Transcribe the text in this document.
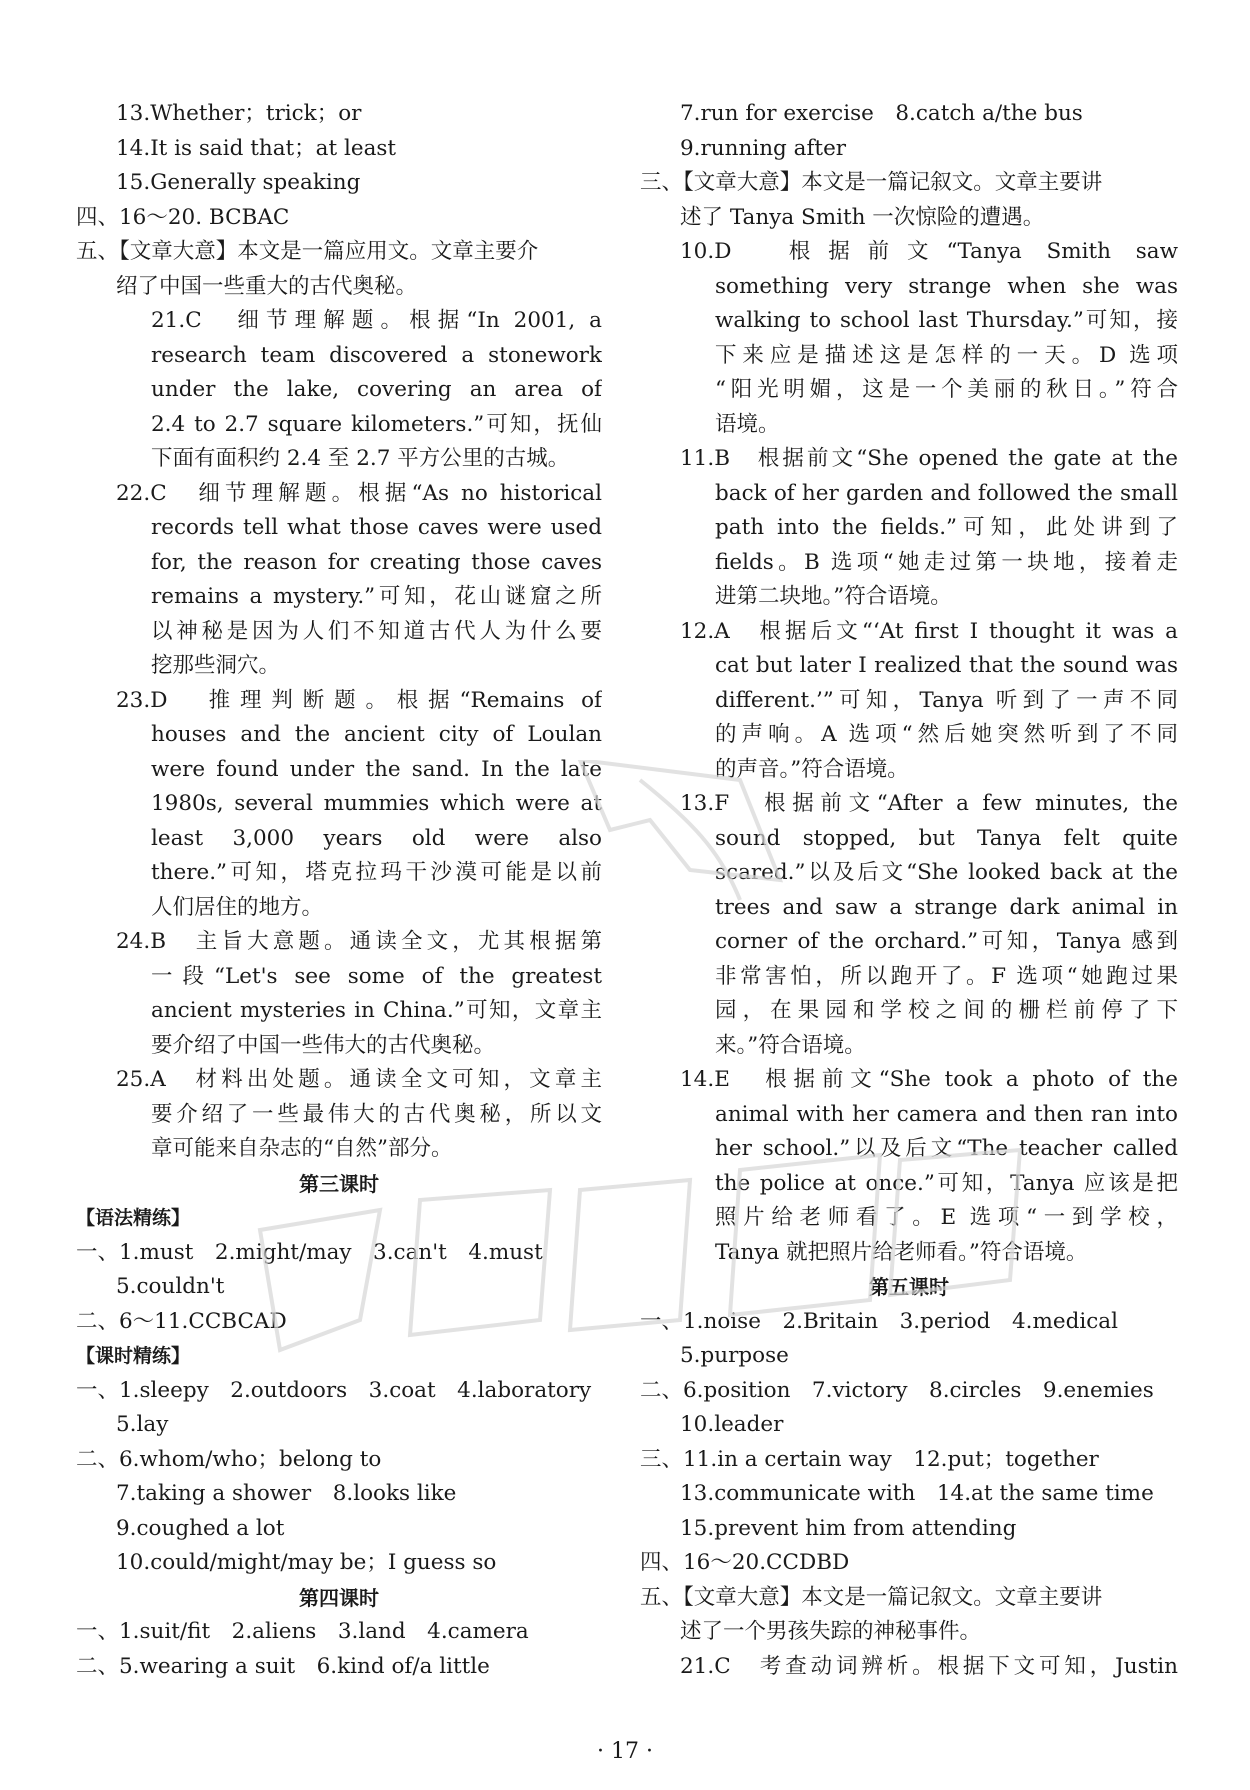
13.Whether；trick；or
14.It is said that；at least
15.Generally speaking
四、16～20. BCBAC
五、【文章大意】本文是一篇应用文。文章主要介
绍了中国一些重大的古代奥秘。
21.C　细节理解题。根据“In 2001, a
research team discovered a stonework
under the lake, covering an area of
2.4 to 2.7 square kilometers.”可知，抚仙
下面有面积约 2.4 至 2.7 平方公里的古城。
22.C　细节理解题。根据“As no historical
records tell what those caves were used
for, the reason for creating those caves
remains a mystery.”可知，花山谜窟之所
以神秘是因为人们不知道古代人为什么要
挖那些洞穴。
23.D　推理判断题。根据“Remains of
houses and the ancient city of Loulan
were found under the sand. In the late
1980s, several mummies which were at
least 3,000 years old were also
there.”可知，塔克拉玛干沙漠可能是以前
人们居住的地方。
24.B　主旨大意题。通读全文，尤其根据第
一段“Let's see some of the greatest
ancient mysteries in China.”可知，文章主
要介绍了中国一些伟大的古代奥秘。
25.A　材料出处题。通读全文可知，文章主
要介绍了一些最伟大的古代奥秘，所以文
章可能来自杂志的“自然”部分。
第三课时
【语法精练】
一、1.must　2.might/may　3.can't　4.must
5.couldn't
二、6～11.CCBCAD
【课时精练】
一、1.sleepy　2.outdoors　3.coat　4.laboratory
5.lay
二、6.whom/who；belong to
7.taking a shower　8.looks like
9.coughed a lot
10.could/might/may be；I guess so
第四课时
一、1.suit/fit　2.aliens　3.land　4.camera
二、5.wearing a suit　6.kind of/a little
7.run for exercise　8.catch a/the bus
9.running after
三、【文章大意】本文是一篇记叙文。文章主要讲
述了 Tanya Smith 一次惊险的遭遇。
10.D　根据前文“Tanya Smith saw
something very strange when she was
walking to school last Thursday.”可知，接
下来应是描述这是怎样的一天。D 选项
“阳光明媚，这是一个美丽的秋日。”符合
语境。
11.B　根据前文“She opened the gate at the
back of her garden and followed the small
path into the fields.”可知，此处讲到了
fields。B 选项“她走过第一块地，接着走
进第二块地。”符合语境。
12.A　根据后文“‘At first I thought it was a
cat but later I realized that the sound was
different.’”可知，Tanya 听到了一声不同
的声响。A 选项“然后她突然听到了不同
的声音。”符合语境。
13.F　根据前文“After a few minutes, the
sound stopped, but Tanya felt quite
scared.”以及后文“She looked back at the
trees and saw a strange dark animal in
corner of the orchard.”可知，Tanya 感到
非常害怕，所以跑开了。F 选项“她跑过果
园，在果园和学校之间的栅栏前停了下
来。”符合语境。
14.E　根据前文“She took a photo of the
animal with her camera and then ran into
her school.”以及后文“The teacher called
the police at once.”可知，Tanya 应该是把
照片给老师看了。E 选项“一到学校，
Tanya 就把照片给老师看。”符合语境。
第五课时
一、1.noise　2.Britain　3.period　4.medical
5.purpose
二、6.position　7.victory　8.circles　9.enemies
10.leader
三、11.in a certain way　12.put；together
13.communicate with　14.at the same time
15.prevent him from attending
四、16～20.CCDBD
五、【文章大意】本文是一篇记叙文。文章主要讲
述了一个男孩失踪的神秘事件。
21.C　考查动词辨析。根据下文可知，Justin
· 17 ·
